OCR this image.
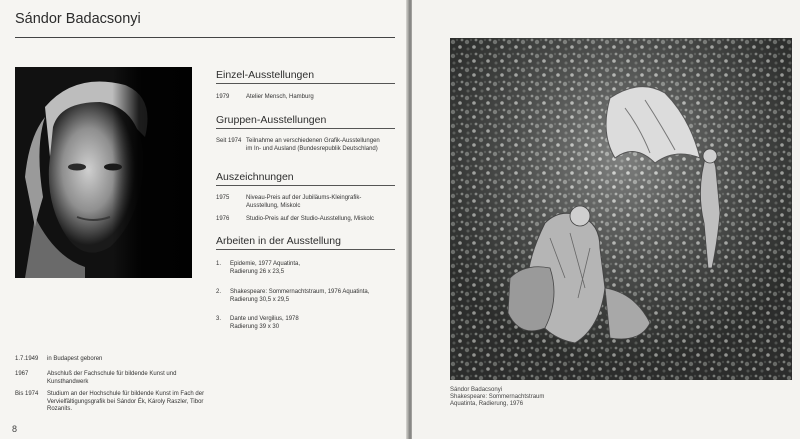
Sándor Badacsonyi
Einzel-Ausstellungen
1979	Atelier Mensch, Hamburg
Gruppen-Ausstellungen
Seit 1974 Teilnahme an verschiedenen Grafik-Ausstellungen im In- und Ausland (Bundesrepublik Deutschland)
Auszeichnungen
1975	Niveau-Preis auf der Jubiläums-Kleingrafik-Ausstellung, Miskolc
1976	Studio-Preis auf der Studio-Ausstellung, Miskolc
Arbeiten in der Ausstellung
1.	Epidemie, 1977 Aquatinta, Radierung 26 x 23,5
2.	Shakespeare: Sommernachtstraum, 1976 Aquatinta, Radierung 30,5 x 29,5
3.	Dante und Vergilius, 1978 Radierung 39 x 30
1.7.1949	in Budapest geboren
1967	Abschluß der Fachschule für bildende Kunst und Kunsthandwerk
Bis 1974	Studium an der Hochschule für bildende Kunst im Fach der Vervielfältigungsgrafik bei Sándor Ék, Károly Raszler, Tibor Rozanits.
8
Sándor Badacsonyi
Shakespeare: Sommernachtstraum
Aquatinta, Radierung, 1976
